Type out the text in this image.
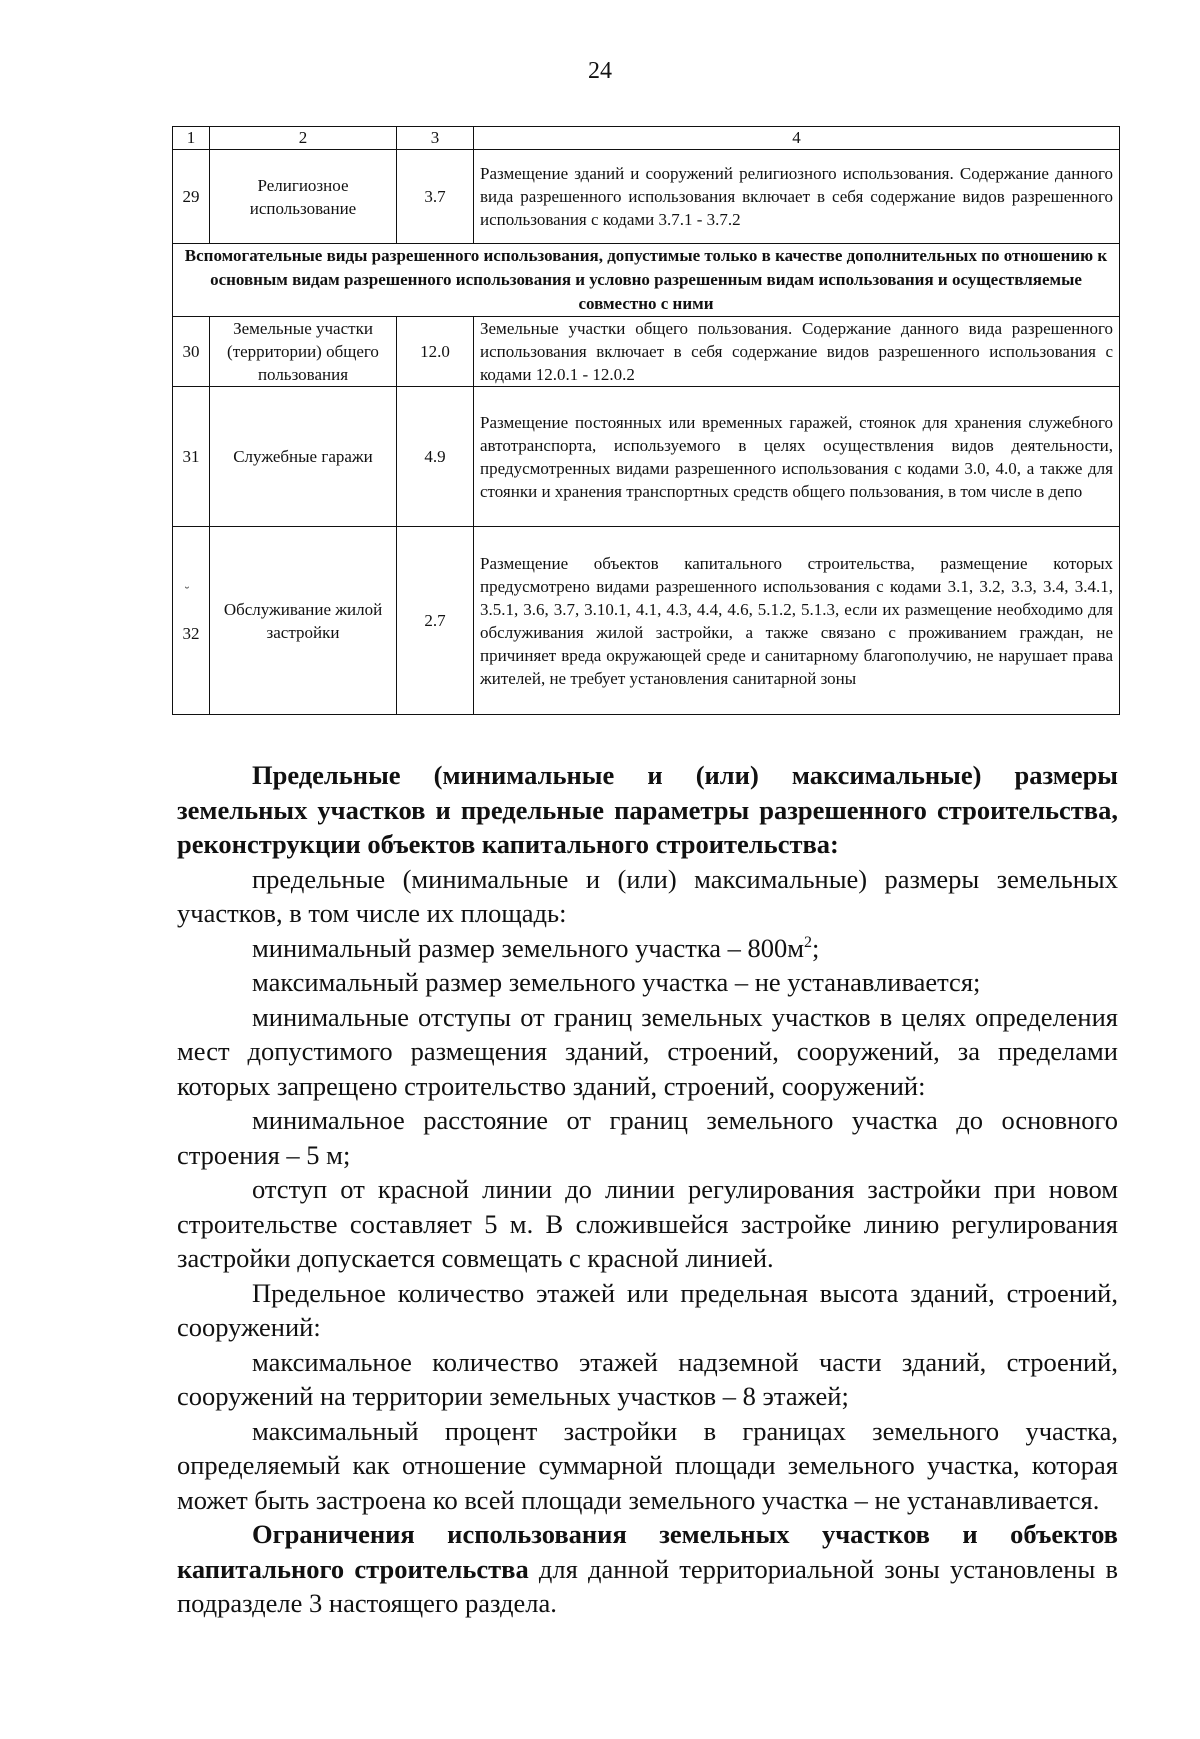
24
1	2	3	4
29	Религиозное использование	3.7	Размещение зданий и сооружений религиозного использования. Содержание данного вида разрешенного использования включает в себя содержание видов разрешенного использования с кодами 3.7.1 - 3.7.2
Вспомогательные виды разрешенного использования, допустимые только в качестве дополнительных по отношению к основным видам разрешенного использования и условно разрешенным видам использования и осуществляемые совместно с ними			
30	Земельные участки (территории) общего пользования	12.0	Земельные участки общего пользования. Содержание данного вида разрешенного использования включает в себя содержание видов разрешенного использования с кодами 12.0.1 - 12.0.2
31	Служебные гаражи	4.9	Размещение постоянных или временных гаражей, стоянок для хранения служебного автотранспорта, используемого в целях осуществления видов деятельности, предусмотренных видами разрешенного использования с кодами 3.0, 4.0, а также для стоянки и хранения транспортных средств общего пользования, в том числе в депо
˘
32	Обслуживание жилой застройки	2.7	Размещение объектов капитального строительства, размещение которых предусмотрено видами разрешенного использования с кодами 3.1, 3.2, 3.3, 3.4, 3.4.1, 3.5.1, 3.6, 3.7, 3.10.1, 4.1, 4.3, 4.4, 4.6, 5.1.2, 5.1.3, если их размещение необходимо для обслуживания жилой застройки, а также связано с проживанием граждан, не причиняет вреда окружающей среде и санитарному благополучию, не нарушает права жителей, не требует установления санитарной зоны

Предельные (минимальные и (или) максимальные) размеры земельных участков и предельные параметры разрешенного строительства, реконструкции объектов капитального строительства:

предельные (минимальные и (или) максимальные) размеры земельных участков, в том числе их площадь:

минимальный размер земельного участка – $800м^2$;

максимальный размер земельного участка – не устанавливается;

минимальные отступы от границ земельных участков в целях определения мест допустимого размещения зданий, строений, сооружений, за пределами которых запрещено строительство зданий, строений, сооружений:

минимальное расстояние от границ земельного участка до основного строения – 5 м;

отступ от красной линии до линии регулирования застройки при новом строительстве составляет 5 м. В сложившейся застройке линию регулирования застройки допускается совмещать с красной линией.

Предельное количество этажей или предельная высота зданий, строений, сооружений:

максимальное количество этажей надземной части зданий, строений, сооружений на территории земельных участков – 8 этажей;

максимальный процент застройки в границах земельного участка, определяемый как отношение суммарной площади земельного участка, которая может быть застроена ко всей площади земельного участка – не устанавливается.

Ограничения использования земельных участков и объектов капитального строительства для данной территориальной зоны установлены в подразделе 3 настоящего раздела.
